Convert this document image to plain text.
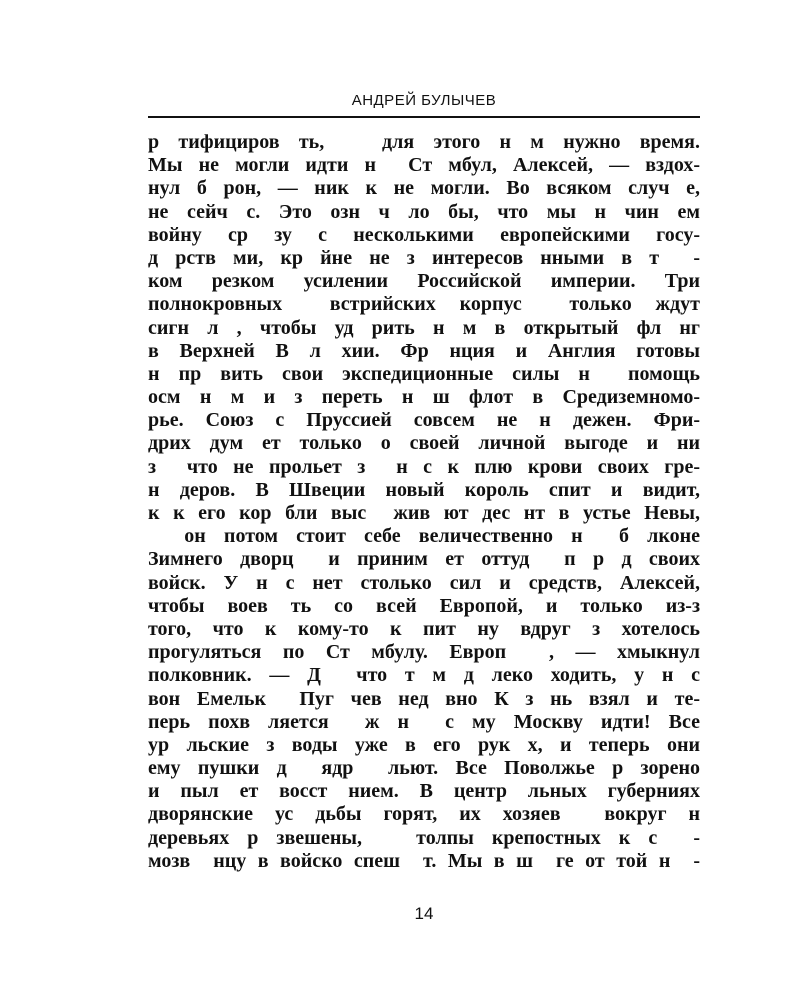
АНДРЕЙ БУЛЫЧЕВ
р тифициров ть,   для этого н м нужно время.
Мы не могли идти н  Ст мбул, Алексей, — вздох-
нул б рон, — ник к не могли. Во всяком случ е,
не сейч с. Это озн ч ло бы, что мы н чин ем
войну ср зу с несколькими европейскими госу-
д рств ми, кр йне не з интересов нными в т  -
ком резком усилении Российской империи. Три
полнокровных  встрийских корпус  только ждут
сигн л , чтобы уд рить н м в открытый фл нг
в Верхней В л хии. Фр нция и Англия готовы
н пр вить свои экспедиционные силы н  помощь
осм н м и з переть н ш флот в Средиземномо-
рье. Союз с Пруссией совсем не н дежен. Фри-
дрих дум ет только о своей личной выгоде и ни
з  что не прольет з  н с к плю крови своих гре-
н деров. В Швеции новый король спит и видит,
к к его кор бли выс  жив ют дес нт в устье Невы,
он потом стоит себе величественно н  б лконе
Зимнего дворц  и приним ет оттуд  п р д своих
войск. У н с нет столько сил и средств, Алексей,
чтобы воев ть со всей Европой, и только из-з
того, что к кому-то к пит ну вдруг з хотелось
прогуляться по Ст мбулу. Европ  , — хмыкнул
полковник. — Д  что т м д леко ходить, у н с
вон Емельк  Пуг чев нед вно К з нь взял и те-
перь похв ляется  ж н  с му Москву идти! Все
ур льские з воды уже в его рук х, и теперь они
ему пушки д  ядр  льют. Все Поволжье р зорено
и пыл ет восст нием. В центр льных губерниях
дворянские ус дьбы горят, их хозяев  вокруг н
деревьях р звешены,   толпы крепостных к с  -
мозв  нцу в войско спеш  т. Мы в ш  ге от той н  -
14
